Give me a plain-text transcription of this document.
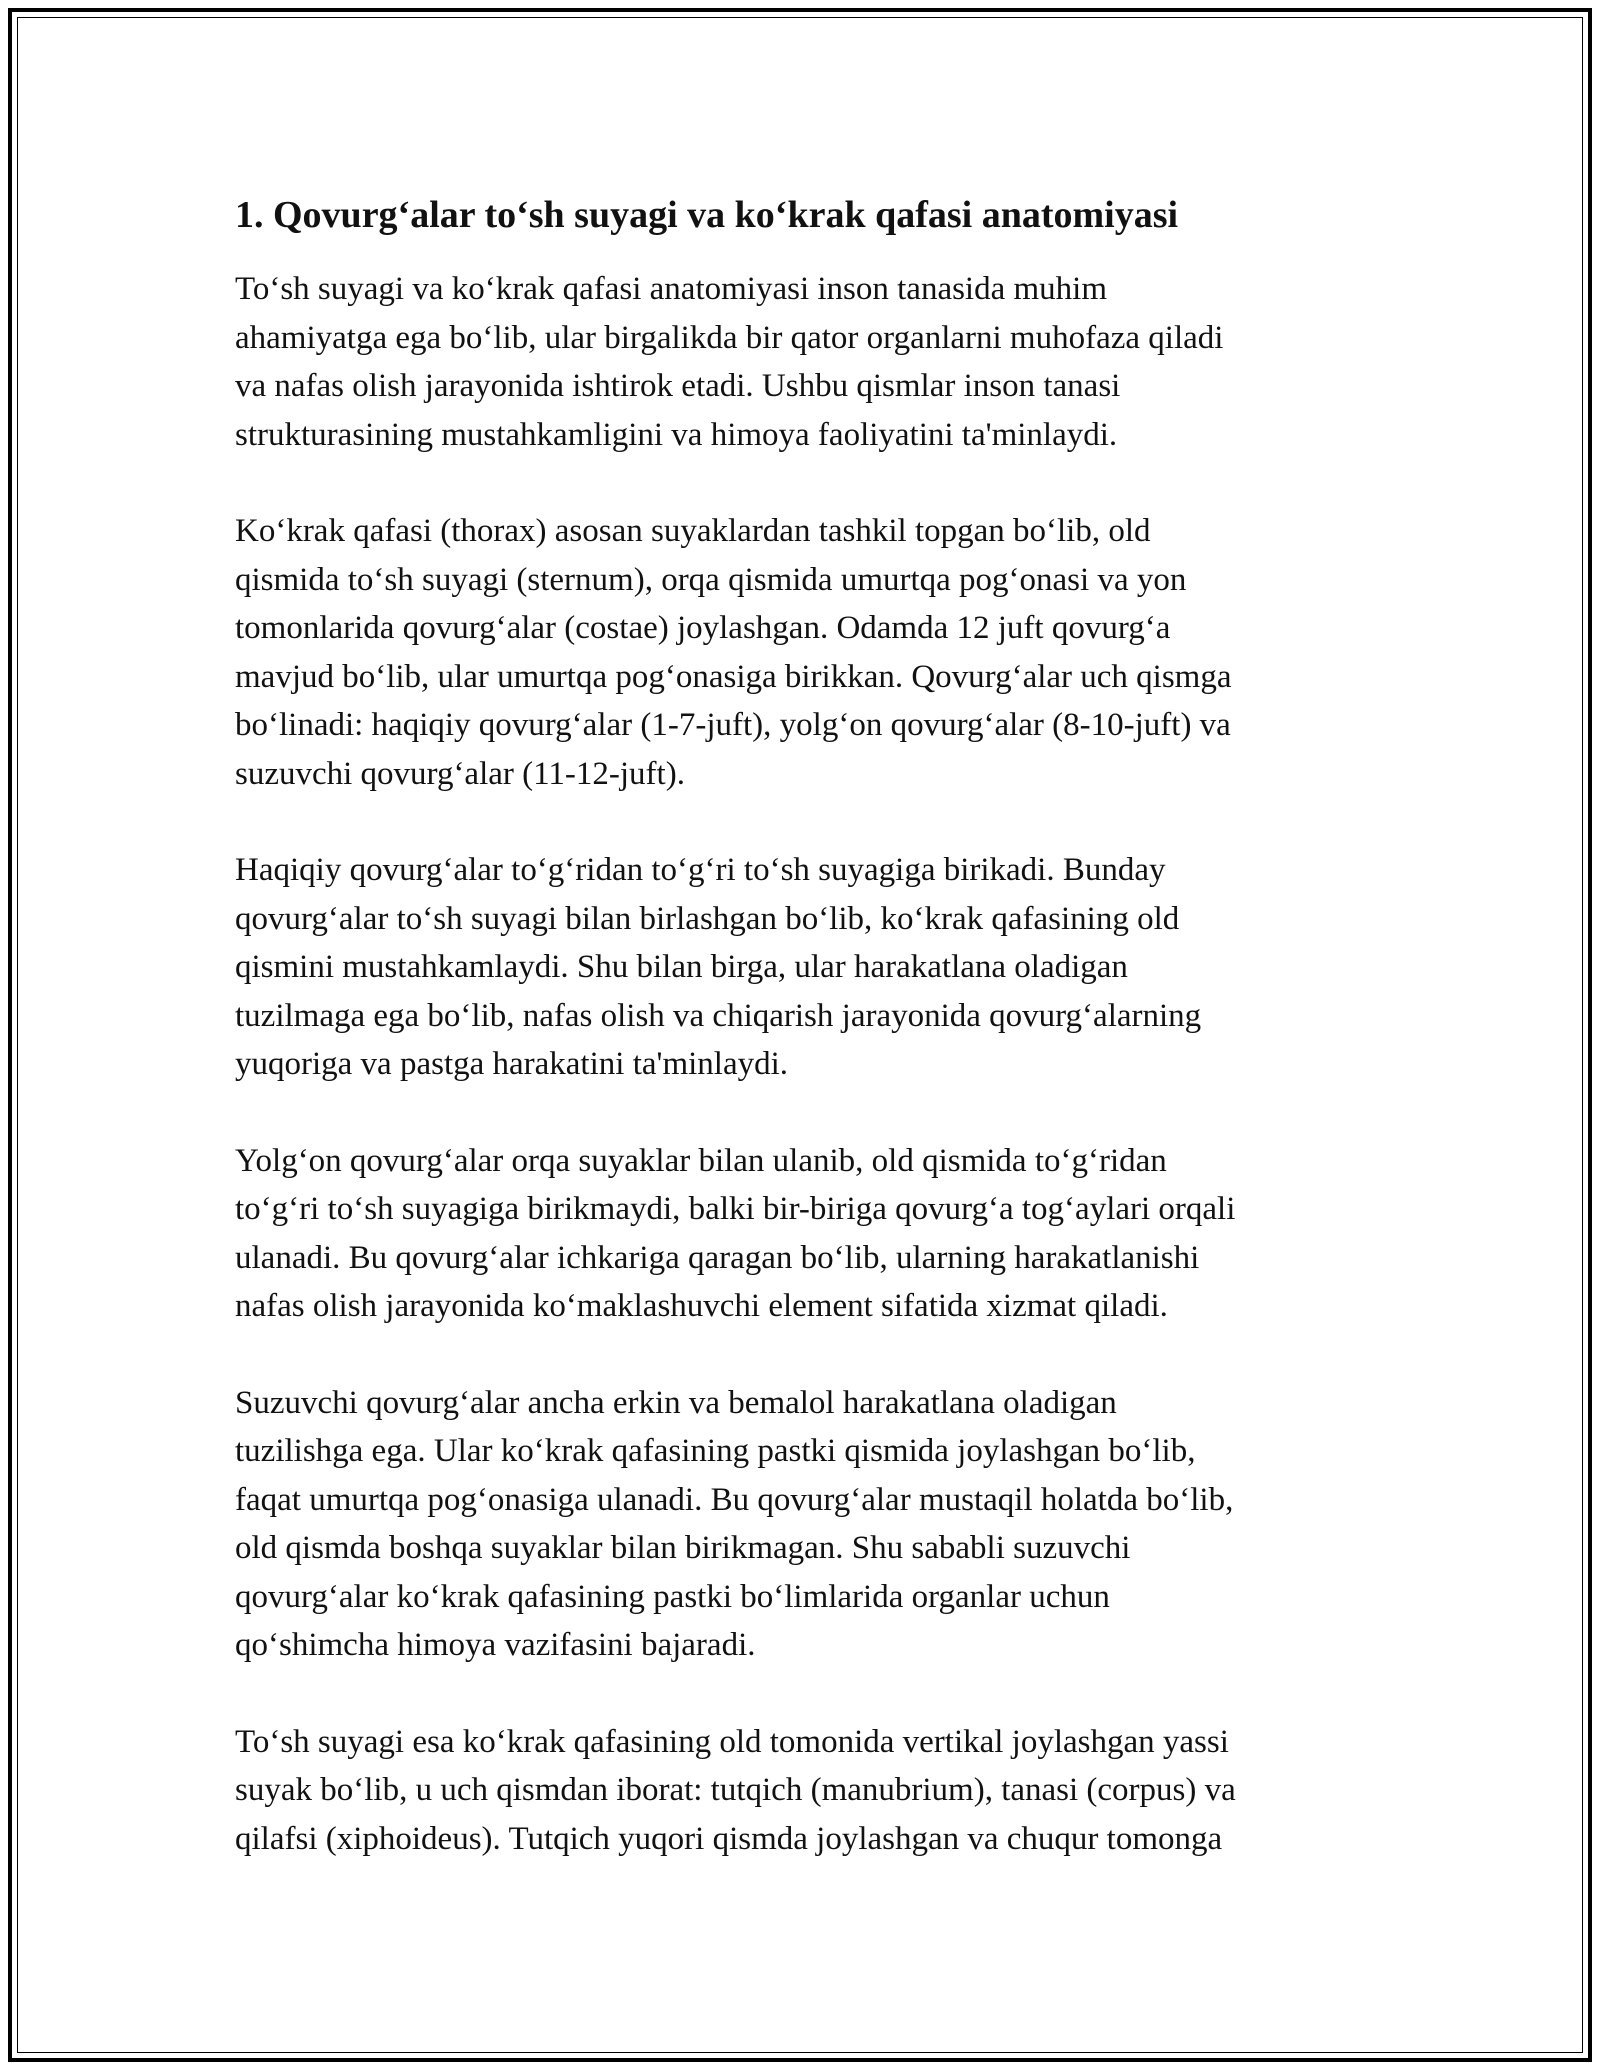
1. Qovurg‘alar to‘sh suyagi va ko‘krak qafasi anatomiyasi

To‘sh suyagi va ko‘krak qafasi anatomiyasi inson tanasida muhim
ahamiyatga ega bo‘lib, ular birgalikda bir qator organlarni muhofaza qiladi
va nafas olish jarayonida ishtirok etadi. Ushbu qismlar inson tanasi
strukturasining mustahkamligini va himoya faoliyatini ta'minlaydi.

Ko‘krak qafasi (thorax) asosan suyaklardan tashkil topgan bo‘lib, old
qismida to‘sh suyagi (sternum), orqa qismida umurtqa pog‘onasi va yon
tomonlarida qovurg‘alar (costae) joylashgan. Odamda 12 juft qovurg‘a
mavjud bo‘lib, ular umurtqa pog‘onasiga birikkan. Qovurg‘alar uch qismga
bo‘linadi: haqiqiy qovurg‘alar (1-7-juft), yolg‘on qovurg‘alar (8-10-juft) va
suzuvchi qovurg‘alar (11-12-juft).

Haqiqiy qovurg‘alar to‘g‘ridan to‘g‘ri to‘sh suyagiga birikadi. Bunday
qovurg‘alar to‘sh suyagi bilan birlashgan bo‘lib, ko‘krak qafasining old
qismini mustahkamlaydi. Shu bilan birga, ular harakatlana oladigan
tuzilmaga ega bo‘lib, nafas olish va chiqarish jarayonida qovurg‘alarning
yuqoriga va pastga harakatini ta'minlaydi.

Yolg‘on qovurg‘alar orqa suyaklar bilan ulanib, old qismida to‘g‘ridan
to‘g‘ri to‘sh suyagiga birikmaydi, balki bir-biriga qovurg‘a tog‘aylari orqali
ulanadi. Bu qovurg‘alar ichkariga qaragan bo‘lib, ularning harakatlanishi
nafas olish jarayonida ko‘maklashuvchi element sifatida xizmat qiladi.

Suzuvchi qovurg‘alar ancha erkin va bemalol harakatlana oladigan
tuzilishga ega. Ular ko‘krak qafasining pastki qismida joylashgan bo‘lib,
faqat umurtqa pog‘onasiga ulanadi. Bu qovurg‘alar mustaqil holatda bo‘lib,
old qismda boshqa suyaklar bilan birikmagan. Shu sababli suzuvchi
qovurg‘alar ko‘krak qafasining pastki bo‘limlarida organlar uchun
qo‘shimcha himoya vazifasini bajaradi.

To‘sh suyagi esa ko‘krak qafasining old tomonida vertikal joylashgan yassi
suyak bo‘lib, u uch qismdan iborat: tutqich (manubrium), tanasi (corpus) va
qilafsi (xiphoideus). Tutqich yuqori qismda joylashgan va chuqur tomonga
